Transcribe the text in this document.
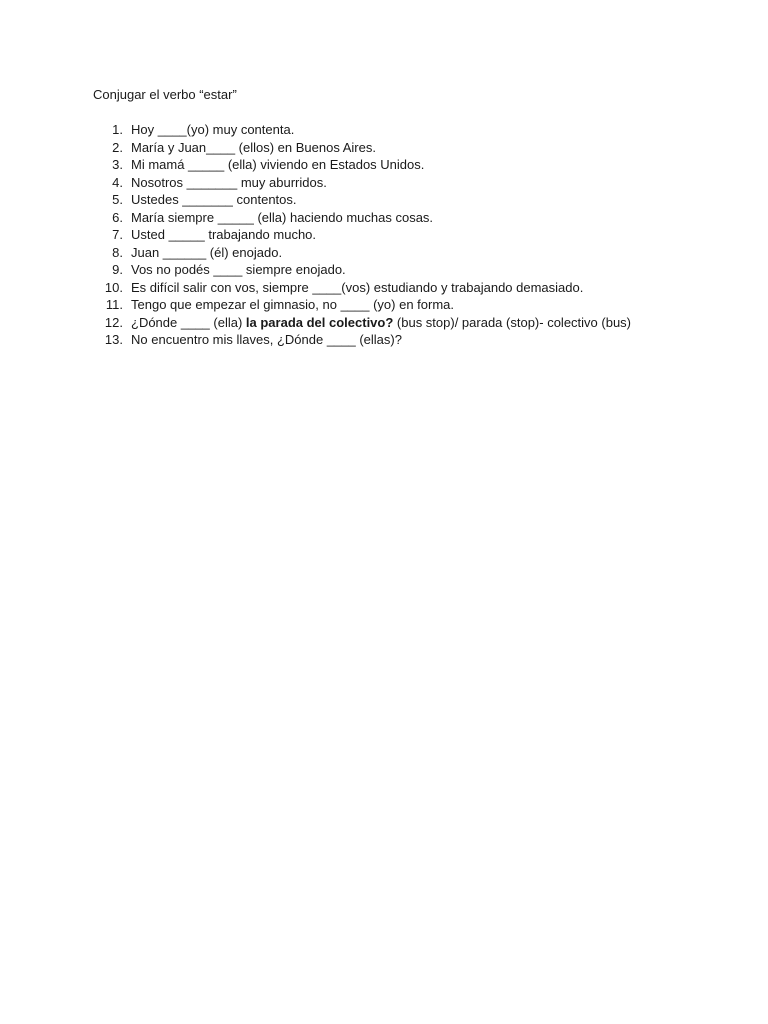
Conjugar el verbo “estar”
1. Hoy ____(yo) muy contenta.
2. María y Juan____ (ellos) en Buenos Aires.
3. Mi mamá _____ (ella) viviendo en Estados Unidos.
4. Nosotros _______ muy aburridos.
5. Ustedes _______ contentos.
6. María siempre _____ (ella) haciendo muchas cosas.
7. Usted _____ trabajando mucho.
8. Juan ______ (él) enojado.
9. Vos no podés ____ siempre enojado.
10. Es difícil salir con vos, siempre ____(vos) estudiando y trabajando demasiado.
11. Tengo que empezar el gimnasio, no ____ (yo) en forma.
12. ¿Dónde ____ (ella) la parada del colectivo? (bus stop)/ parada (stop)- colectivo (bus)
13. No encuentro mis llaves, ¿Dónde ____ (ellas)?
